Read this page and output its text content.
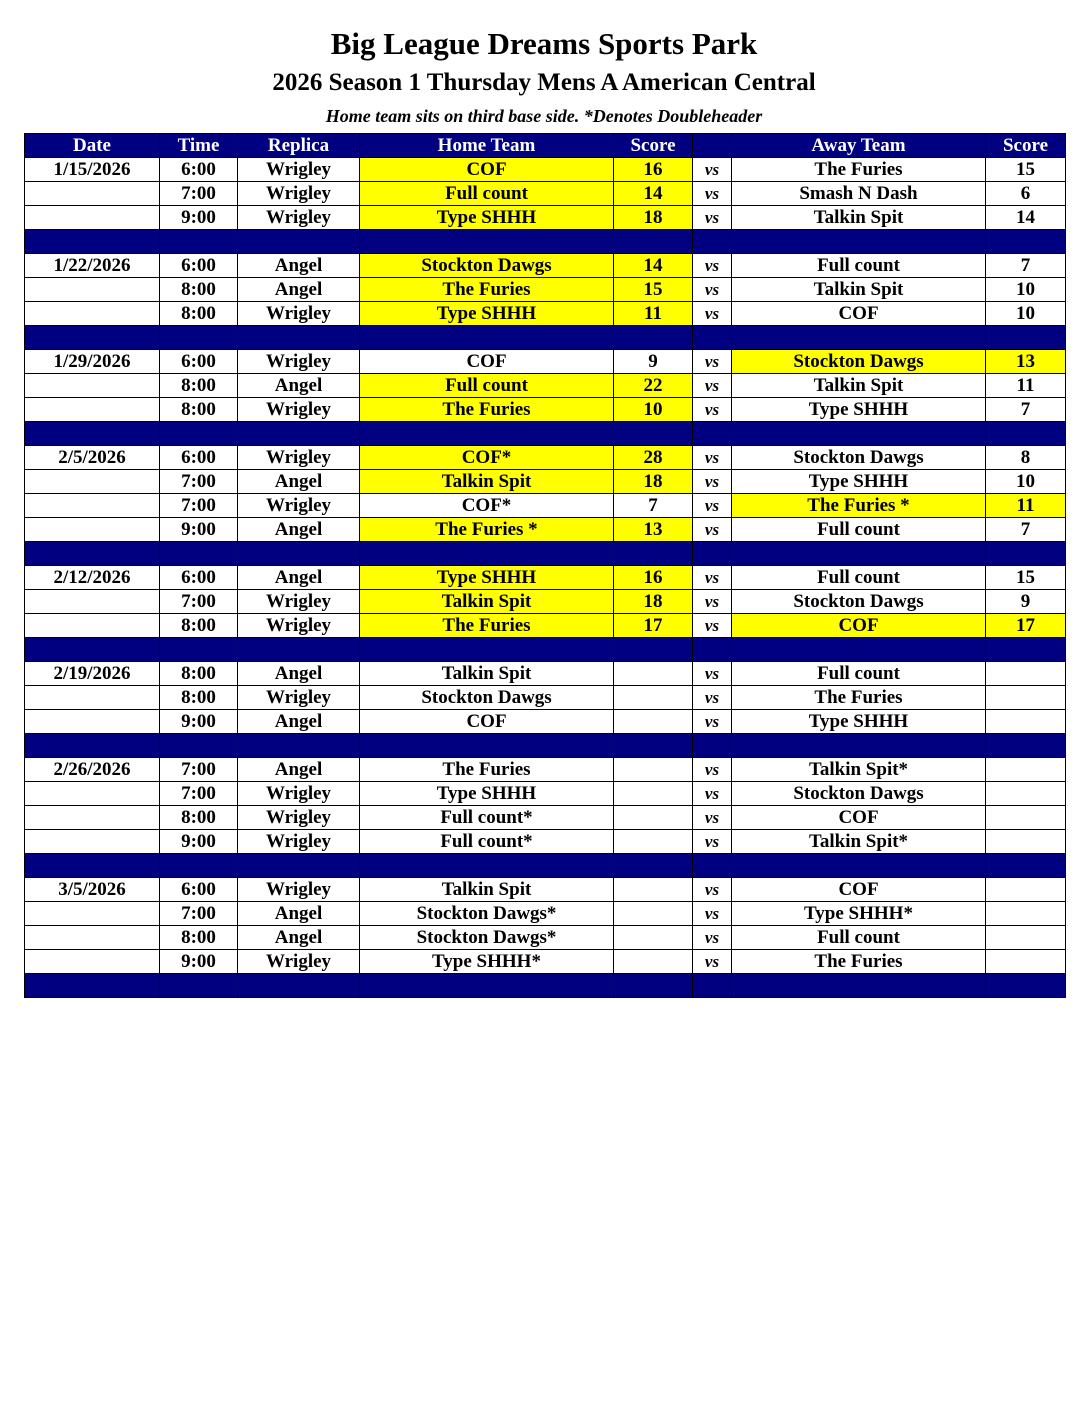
Big League Dreams Sports Park
2026 Season 1 Thursday Mens A American Central
Home team sits on third base side. *Denotes Doubleheader
Date	Time	Replica	Home Team	Score		Away Team	Score
1/15/2026	6:00	Wrigley	COF	16	vs	The Furies	15
	7:00	Wrigley	Full count	14	vs	Smash N Dash	6
	9:00	Wrigley	Type SHHH	18	vs	Talkin Spit	14

1/22/2026	6:00	Angel	Stockton Dawgs	14	vs	Full count	7
	8:00	Angel	The Furies	15	vs	Talkin Spit	10
	8:00	Wrigley	Type SHHH	11	vs	COF	10

1/29/2026	6:00	Wrigley	COF	9	vs	Stockton Dawgs	13
	8:00	Angel	Full count	22	vs	Talkin Spit	11
	8:00	Wrigley	The Furies	10	vs	Type SHHH	7

2/5/2026	6:00	Wrigley	COF*	28	vs	Stockton Dawgs	8
	7:00	Angel	Talkin Spit	18	vs	Type SHHH	10
	7:00	Wrigley	COF*	7	vs	The Furies *	11
	9:00	Angel	The Furies *	13	vs	Full count	7

2/12/2026	6:00	Angel	Type SHHH	16	vs	Full count	15
	7:00	Wrigley	Talkin Spit	18	vs	Stockton Dawgs	9
	8:00	Wrigley	The Furies	17	vs	COF	17

2/19/2026	8:00	Angel	Talkin Spit		vs	Full count	
	8:00	Wrigley	Stockton Dawgs		vs	The Furies	
	9:00	Angel	COF		vs	Type SHHH	

2/26/2026	7:00	Angel	The Furies		vs	Talkin Spit*	
	7:00	Wrigley	Type SHHH		vs	Stockton Dawgs	
	8:00	Wrigley	Full count*		vs	COF	
	9:00	Wrigley	Full count*		vs	Talkin Spit*	

3/5/2026	6:00	Wrigley	Talkin Spit		vs	COF	
	7:00	Angel	Stockton Dawgs*		vs	Type SHHH*	
	8:00	Angel	Stockton Dawgs*		vs	Full count	
	9:00	Wrigley	Type SHHH*		vs	The Furies	
